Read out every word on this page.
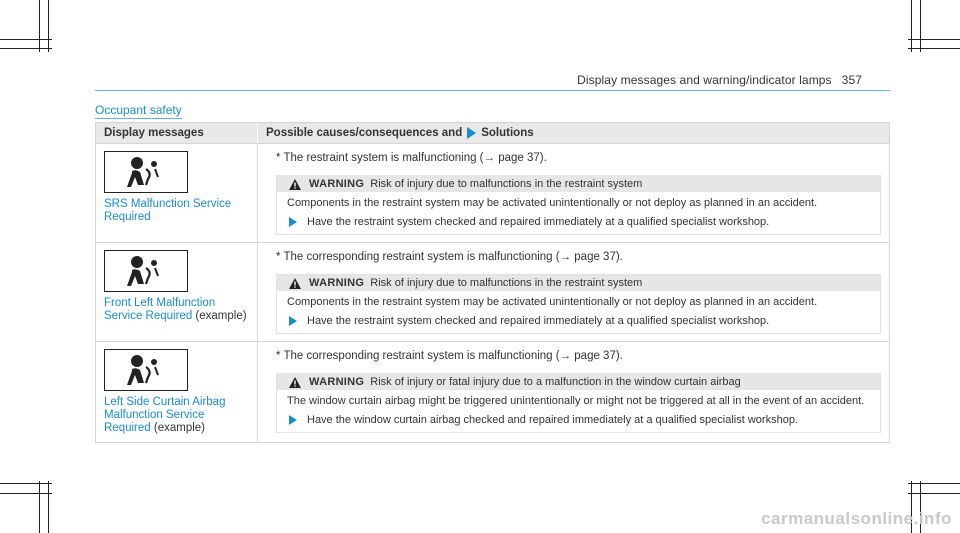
Display messages and warning/indicator lamps 357
Occupant safety
Display messages	Possible causes/consequences and Solutions
SRS Malfunction Service Required
* The restraint system is malfunctioning (→ page 37).
WARNING Risk of injury due to malfunctions in the restraint system
Components in the restraint system may be activated unintentionally or not deploy as planned in an accident.
Have the restraint system checked and repaired immediately at a qualified specialist workshop.
Front Left Malfunction Service Required (example)
* The corresponding restraint system is malfunctioning (→ page 37).
WARNING Risk of injury due to malfunctions in the restraint system
Components in the restraint system may be activated unintentionally or not deploy as planned in an accident.
Have the restraint system checked and repaired immediately at a qualified specialist workshop.
Left Side Curtain Airbag Malfunction Service Required (example)
* The corresponding restraint system is malfunctioning (→ page 37).
WARNING Risk of injury or fatal injury due to a malfunction in the window curtain airbag
The window curtain airbag might be triggered unintentionally or might not be triggered at all in the event of an accident.
Have the window curtain airbag checked and repaired immediately at a qualified specialist workshop.
carmanualsonline.info
